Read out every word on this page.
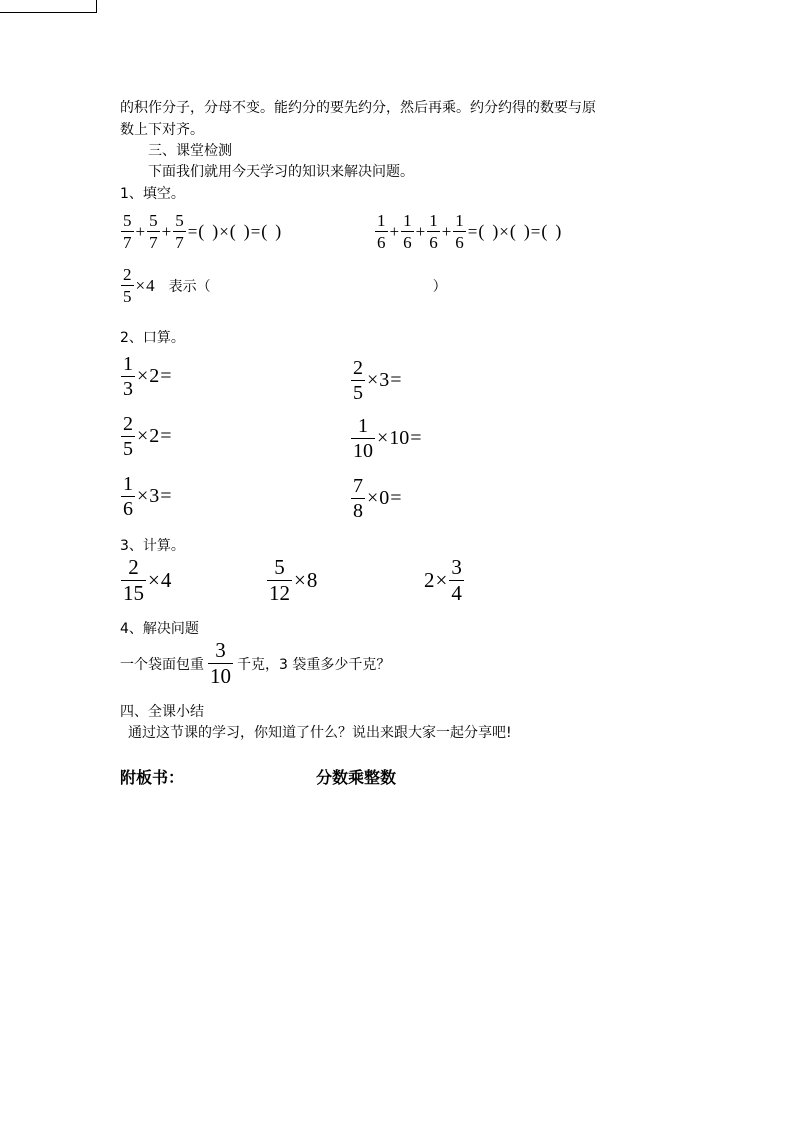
的积作分子，分母不变。能约分的要先约分，然后再乘。约分约得的数要与原
数上下对齐。
三、课堂检测
下面我们就用今天学习的知识来解决问题。
1、填空。
$\frac{5}{7} + \frac{5}{7} + \frac{5}{7}$ = ( ) × ( ) = ( )	$\frac{1}{6} + \frac{1}{6} + \frac{1}{6} + \frac{1}{6}$ = ( ) × ( ) = ( )
$\frac{2}{5} \times 4$ 表示（	）
2、口算。
$\frac{1}{3} \times 2$ =	$\frac{2}{5} \times 3$ =
$\frac{2}{5} \times 2$ =	$\frac{1}{10} \times 10$ =
$\frac{1}{6} \times 3$ =	$\frac{7}{8} \times 0$ =
3、计算。
$\frac{2}{15} \times 4$	$\frac{5}{12} \times 8$	$2 \times \frac{3}{4}$
4、解决问题
一个袋面包重 $\frac{3}{10}$ 千克，3 袋重多少千克？
四、全课小结
通过这节课的学习，你知道了什么？说出来跟大家一起分享吧!
附板书：	分数乘整数
